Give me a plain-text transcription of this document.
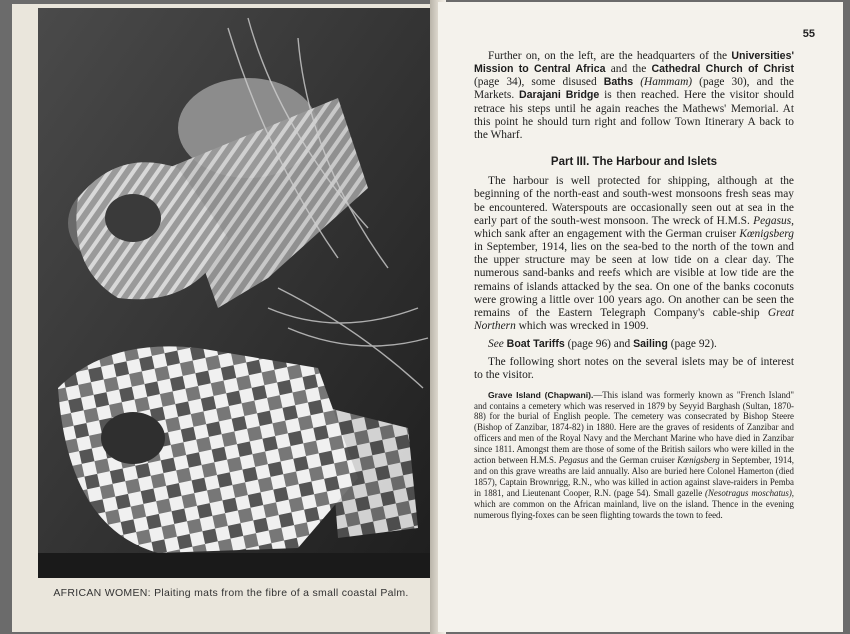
AFRICAN WOMEN: Plaiting mats from the fibre of a small coastal Palm.
55

Further on, on the left, are the headquarters of the Universities' Mission to Central Africa and the Cathedral Church of Christ (page 34), some disused Baths (Hammam) (page 30), and the Markets. Darajani Bridge is then reached. Here the visitor should retrace his steps until he again reaches the Mathews' Memorial. At this point he should turn right and follow Town Itinerary A back to the Wharf.

Part III. The Harbour and Islets

The harbour is well protected for shipping, although at the beginning of the north-east and south-west monsoons fresh seas may be encountered. Waterspouts are occasionally seen out at sea in the early part of the south-west monsoon. The wreck of H.M.S. Pegasus, which sank after an engagement with the German cruiser Kœnigsberg in September, 1914, lies on the sea-bed to the north of the town and the upper structure may be seen at low tide on a clear day. The numerous sand-banks and reefs which are visible at low tide are the remains of islands attacked by the sea. On one of the banks coconuts were growing a little over 100 years ago. On another can be seen the remains of the Eastern Telegraph Company's cable-ship Great Northern which was wrecked in 1909.

See Boat Tariffs (page 96) and Sailing (page 92).

The following short notes on the several islets may be of interest to the visitor.

Grave Island (Chapwani).—This island was formerly known as "French Island" and contains a cemetery which was reserved in 1879 by Seyyid Barghash (Sultan, 1870-88) for the burial of English people. The cemetery was consecrated by Bishop Steere (Bishop of Zanzibar, 1874-82) in 1880. Here are the graves of residents of Zanzibar and officers and men of the Royal Navy and the Merchant Marine who have died in Zanzibar since 1811. Amongst them are those of some of the British sailors who were killed in the action between H.M.S. Pegasus and the German cruiser Kœnigsberg in September, 1914, and on this grave wreaths are laid annually. Also are buried here Colonel Hamerton (died 1857), Captain Brownrigg, R.N., who was killed in action against slave-raiders in Pemba in 1881, and Lieutenant Cooper, R.N. (page 54). Small gazelle (Nesotragus moschatus), which are common on the African mainland, live on the island. Thence in the evening numerous flying-foxes can be seen flighting towards the town to feed.
